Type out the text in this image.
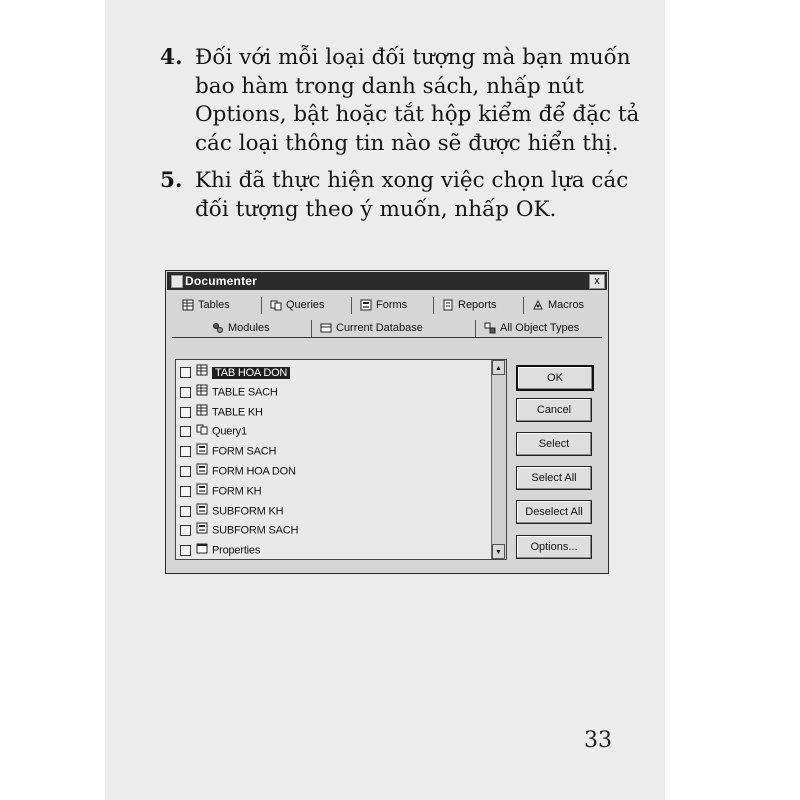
4. Đối với mỗi loại đối tượng mà bạn muốn
bao hàm trong danh sách, nhấp nút
Options, bật hoặc tắt hộp kiểm để đặc tả
các loại thông tin nào sẽ được hiển thị.
5. Khi đã thực hiện xong việc chọn lựa các
đối tượng theo ý muốn, nhấp OK.
Documenter	x
Tables	Queries	Forms	Reports	Macros
Modules	Current Database	All Object Types
▲
▼
TAB HOA DON
TABLE SACH
TABLE KH
Query1
FORM SACH
FORM HOA DON
FORM KH
SUBFORM KH
SUBFORM SACH
Properties
OK
Cancel
Select
Select All
Deselect All
Options...
33
